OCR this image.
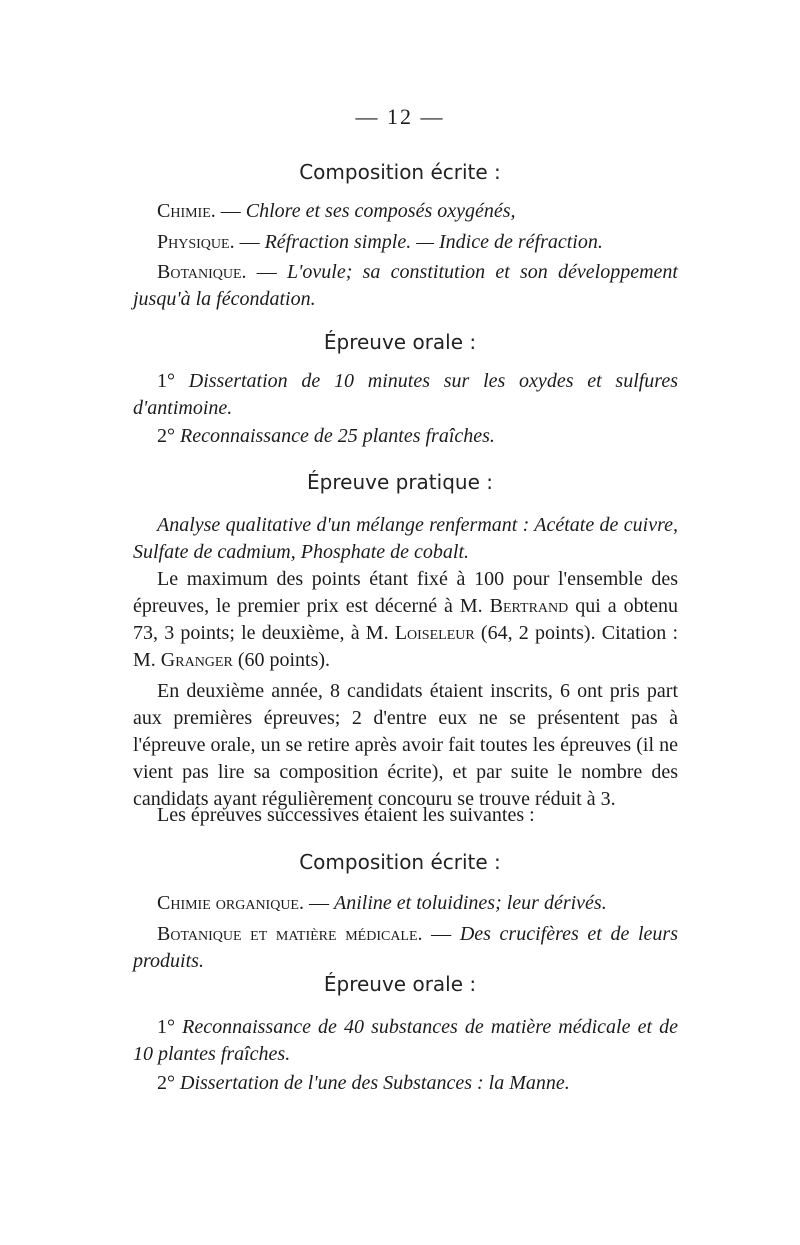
— 12 —
Composition écrite :
Chimie. — Chlore et ses composés oxygénés,
Physique. — Réfraction simple. — Indice de réfraction.
Botanique. — L'ovule; sa constitution et son développement jusqu'à la fécondation.
Épreuve orale :
1° Dissertation de 10 minutes sur les oxydes et sulfures d'antimoine.
2° Reconnaissance de 25 plantes fraîches.
Épreuve pratique :
Analyse qualitative d'un mélange renfermant : Acétate de cuivre, Sulfate de cadmium, Phosphate de cobalt.
Le maximum des points étant fixé à 100 pour l'ensemble des épreuves, le premier prix est décerné à M. Bertrand qui a obtenu 73, 3 points; le deuxième, à M. Loiseleur (64, 2 points). Citation : M. Granger (60 points).
En deuxième année, 8 candidats étaient inscrits, 6 ont pris part aux premières épreuves; 2 d'entre eux ne se présentent pas à l'épreuve orale, un se retire après avoir fait toutes les épreuves (il ne vient pas lire sa composition écrite), et par suite le nombre des candidats ayant régulièrement concouru se trouve réduit à 3.
Les épreuves successives étaient les suivantes :
Composition écrite :
Chimie organique. — Aniline et toluidines; leur dérivés.
Botanique et matière médicale. — Des crucifères et de leurs produits.
Épreuve orale :
1° Reconnaissance de 40 substances de matière médicale et de 10 plantes fraîches.
2° Dissertation de l'une des Substances : la Manne.
